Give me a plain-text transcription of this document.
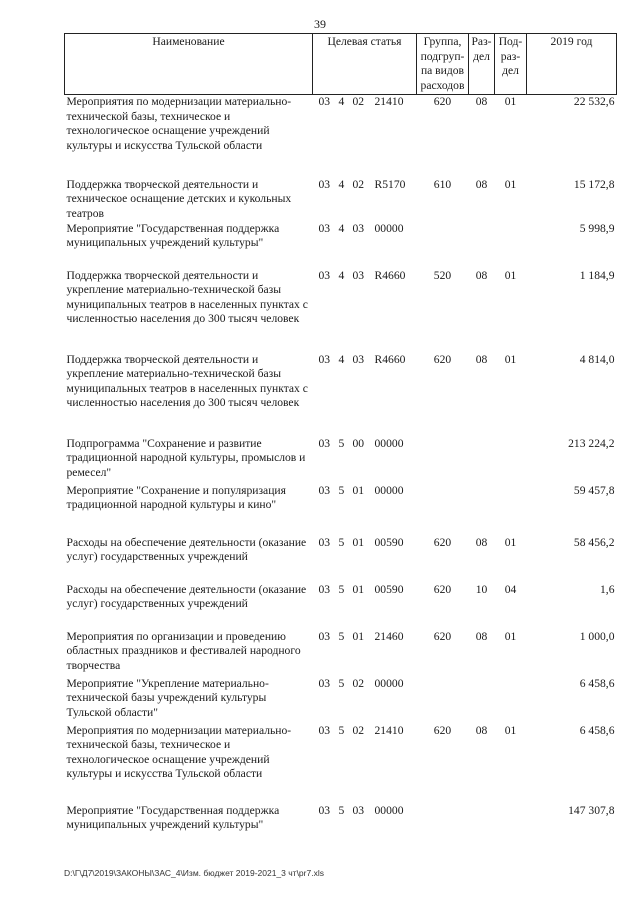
39
Наименование	Целевая статья	Группа, подгруп-па видов расходов	Раз-дел	Под-раз-дел	2019 год
Мероприятия по модернизации материально-технической базы, техническое и технологическое оснащение учреждений культуры и искусства Тульской области	03 4 02 21410	620	08	01	22 532,6
Поддержка творческой деятельности и техническое оснащение детских и кукольных театров	03 4 02 R5170	610	08	01	15 172,8
Мероприятие "Государственная поддержка муниципальных учреждений культуры"	03 4 03 00000				5 998,9
Поддержка творческой деятельности и укрепление материально-технической базы муниципальных театров в населенных пунктах с численностью населения до 300 тысяч человек	03 4 03 R4660	520	08	01	1 184,9
Поддержка творческой деятельности и укрепление материально-технической базы муниципальных театров в населенных пунктах с численностью населения до 300 тысяч человек	03 4 03 R4660	620	08	01	4 814,0
Подпрограмма "Сохранение и развитие традиционной народной культуры, промыслов и ремесел"	03 5 00 00000				213 224,2
Мероприятие "Сохранение и популяризация традиционной народной культуры и кино"	03 5 01 00000				59 457,8
Расходы на обеспечение деятельности (оказание услуг) государственных учреждений	03 5 01 00590	620	08	01	58 456,2
Расходы на обеспечение деятельности (оказание услуг) государственных учреждений	03 5 01 00590	620	10	04	1,6
Мероприятия по организации и проведению областных праздников и фестивалей народного творчества	03 5 01 21460	620	08	01	1 000,0
Мероприятие "Укрепление материально-технической базы учреждений культуры Тульской области"	03 5 02 00000				6 458,6
Мероприятия по модернизации материально-технической базы, техническое и технологическое оснащение учреждений культуры и искусства Тульской области	03 5 02 21410	620	08	01	6 458,6
Мероприятие "Государственная поддержка муниципальных учреждений культуры"	03 5 03 00000				147 307,8
D:\Г\Д7\2019\ЗАКОНЫ\ЗАС_4\Изм. бюджет 2019-2021_3 чт\рr7.xls
